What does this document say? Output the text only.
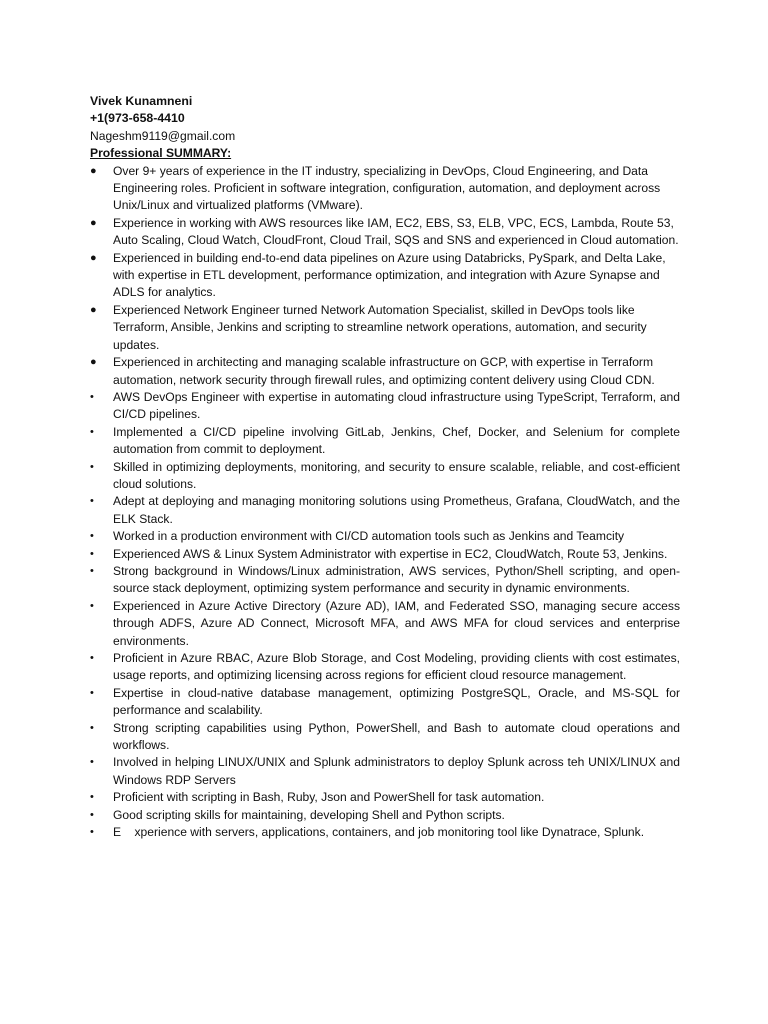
Vivek Kunamneni
+1(973-658-4410
Nageshm9119@gmail.com
Professional SUMMARY:
● Over 9+ years of experience in the IT industry, specializing in DevOps, Cloud Engineering, and Data Engineering roles. Proficient in software integration, configuration, automation, and deployment across Unix/Linux and virtualized platforms (VMware).
● Experience in working with AWS resources like IAM, EC2, EBS, S3, ELB, VPC, ECS, Lambda, Route 53, Auto Scaling, Cloud Watch, CloudFront, Cloud Trail, SQS and SNS and experienced in Cloud automation.
● Experienced in building end-to-end data pipelines on Azure using Databricks, PySpark, and Delta Lake, with expertise in ETL development, performance optimization, and integration with Azure Synapse and ADLS for analytics.
● Experienced Network Engineer turned Network Automation Specialist, skilled in DevOps tools like Terraform, Ansible, Jenkins and scripting to streamline network operations, automation, and security updates.
● Experienced in architecting and managing scalable infrastructure on GCP, with expertise in Terraform automation, network security through firewall rules, and optimizing content delivery using Cloud CDN.
•	AWS DevOps Engineer with expertise in automating cloud infrastructure using TypeScript, Terraform, and CI/CD pipelines.
•	Implemented a CI/CD pipeline involving GitLab, Jenkins, Chef, Docker, and Selenium for complete automation from commit to deployment.
•	Skilled in optimizing deployments, monitoring, and security to ensure scalable, reliable, and cost-efficient cloud solutions.
•	Adept at deploying and managing monitoring solutions using Prometheus, Grafana, CloudWatch, and the ELK Stack.
•	Worked in a production environment with CI/CD automation tools such as Jenkins and Teamcity
•	Experienced AWS & Linux System Administrator with expertise in EC2, CloudWatch, Route 53, Jenkins.
•	Strong background in Windows/Linux administration, AWS services, Python/Shell scripting, and open-source stack deployment, optimizing system performance and security in dynamic environments.
•	Experienced in Azure Active Directory (Azure AD), IAM, and Federated SSO, managing secure access through ADFS, Azure AD Connect, Microsoft MFA, and AWS MFA for cloud services and enterprise environments.
•	Proficient in Azure RBAC, Azure Blob Storage, and Cost Modeling, providing clients with cost estimates, usage reports, and optimizing licensing across regions for efficient cloud resource management.
•	Expertise in cloud-native database management, optimizing PostgreSQL, Oracle, and MS-SQL for performance and scalability.
•	Strong scripting capabilities using Python, PowerShell, and Bash to automate cloud operations and workflows.
•	Involved in helping LINUX/UNIX and Splunk administrators to deploy Splunk across teh UNIX/LINUX and Windows RDP Servers
•	Proficient with scripting in Bash, Ruby, Json and PowerShell for task automation.
•	Good scripting skills for maintaining, developing Shell and Python scripts.
•	E    xperience with servers, applications, containers, and job monitoring tool like Dynatrace, Splunk.
